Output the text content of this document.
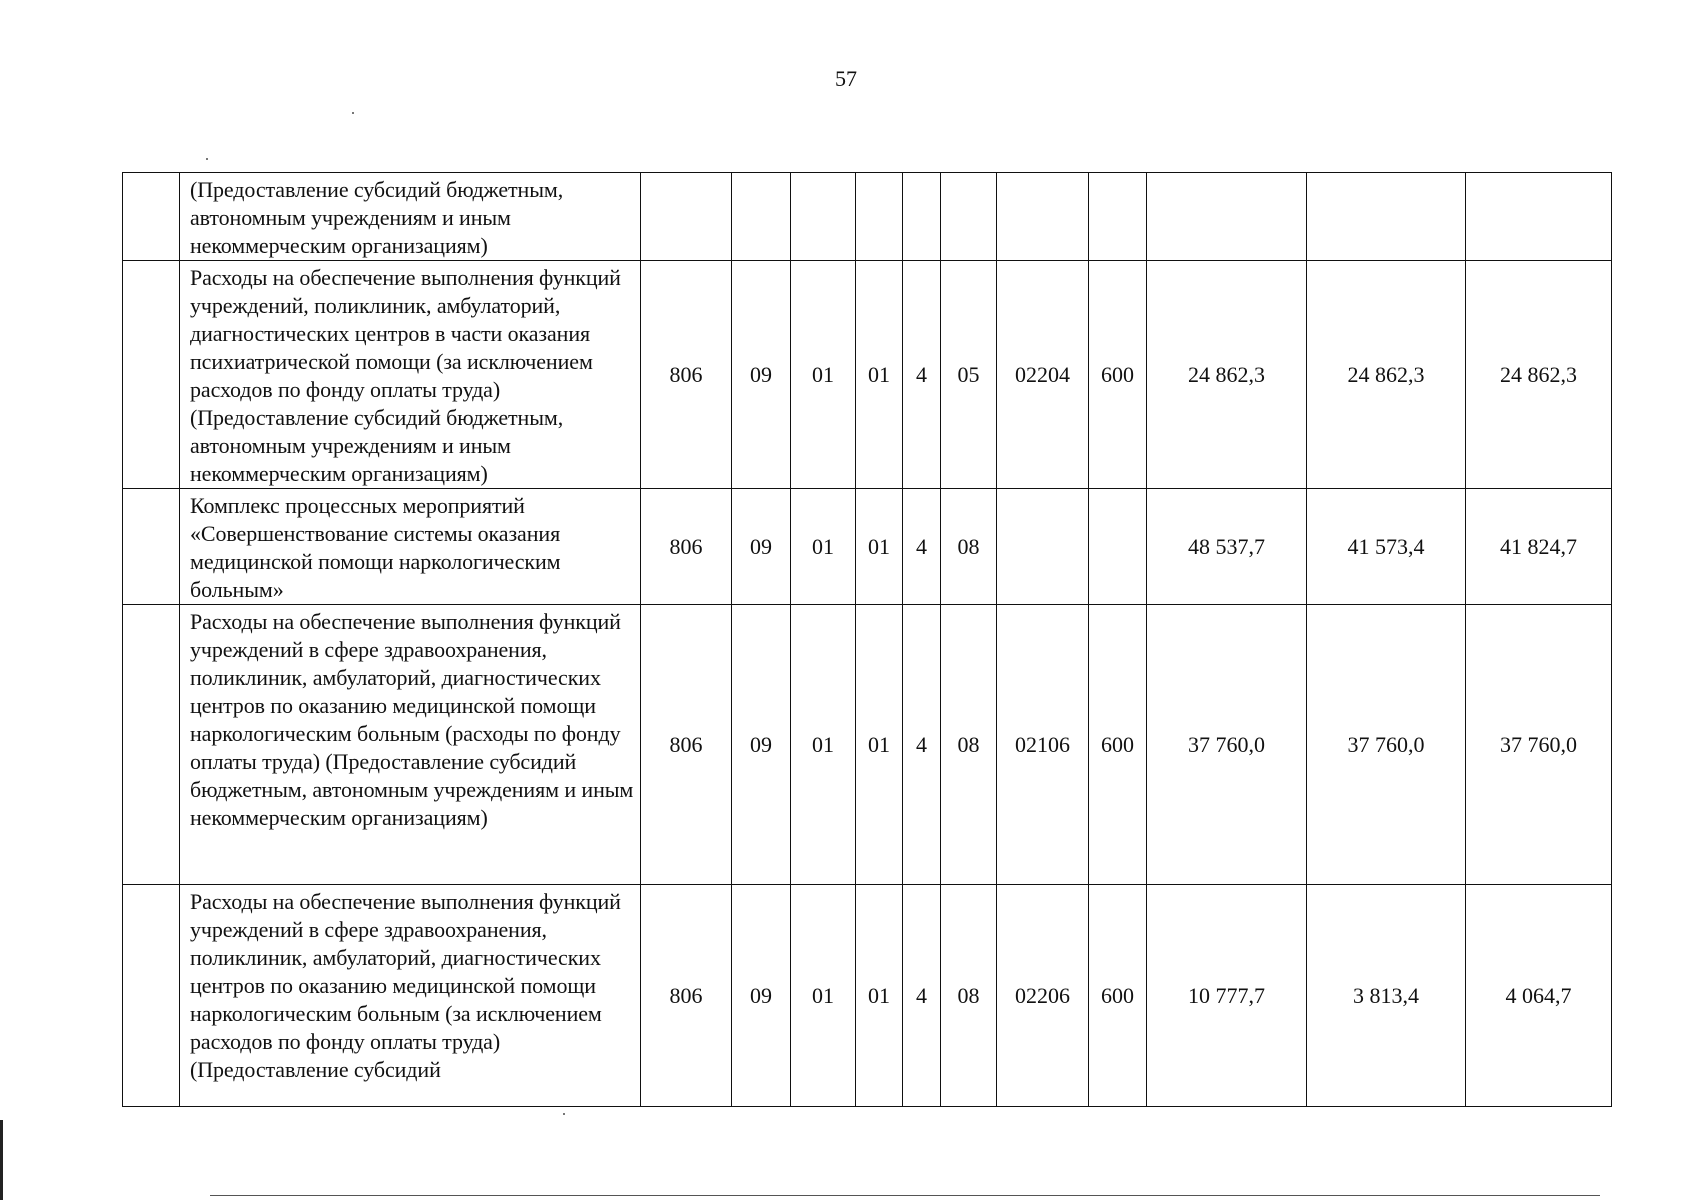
57
	(Предоставление субсидий бюджетным, автономным учреждениям и иным некоммерческим организациям)											
	Расходы на обеспечение выполнения функций учреждений, поликлиник, амбулаторий, диагностических центров в части оказания психиатрической помощи (за исключением расходов по фонду оплаты труда) (Предоставление субсидий бюджетным, автономным учреждениям и иным некоммерческим организациям)	806	09	01	01	4	05	02204	600	24 862,3	24 862,3	24 862,3
	Комплекс процессных мероприятий «Совершенствование системы оказания медицинской помощи наркологическим больным»	806	09	01	01	4	08			48 537,7	41 573,4	41 824,7
	Расходы на обеспечение выполнения функций учреждений в сфере здравоохранения, поликлиник, амбулаторий, диагностических центров по оказанию медицинской помощи наркологическим больным (расходы по фонду оплаты труда) (Предоставление субсидий бюджетным, автономным учреждениям и иным некоммерческим организациям)	806	09	01	01	4	08	02106	600	37 760,0	37 760,0	37 760,0
	Расходы на обеспечение выполнения функций учреждений в сфере здравоохранения, поликлиник, амбулаторий, диагностических центров по оказанию медицинской помощи наркологическим больным (за исключением расходов по фонду оплаты труда) (Предоставление субсидий	806	09	01	01	4	08	02206	600	10 777,7	3 813,4	4 064,7
